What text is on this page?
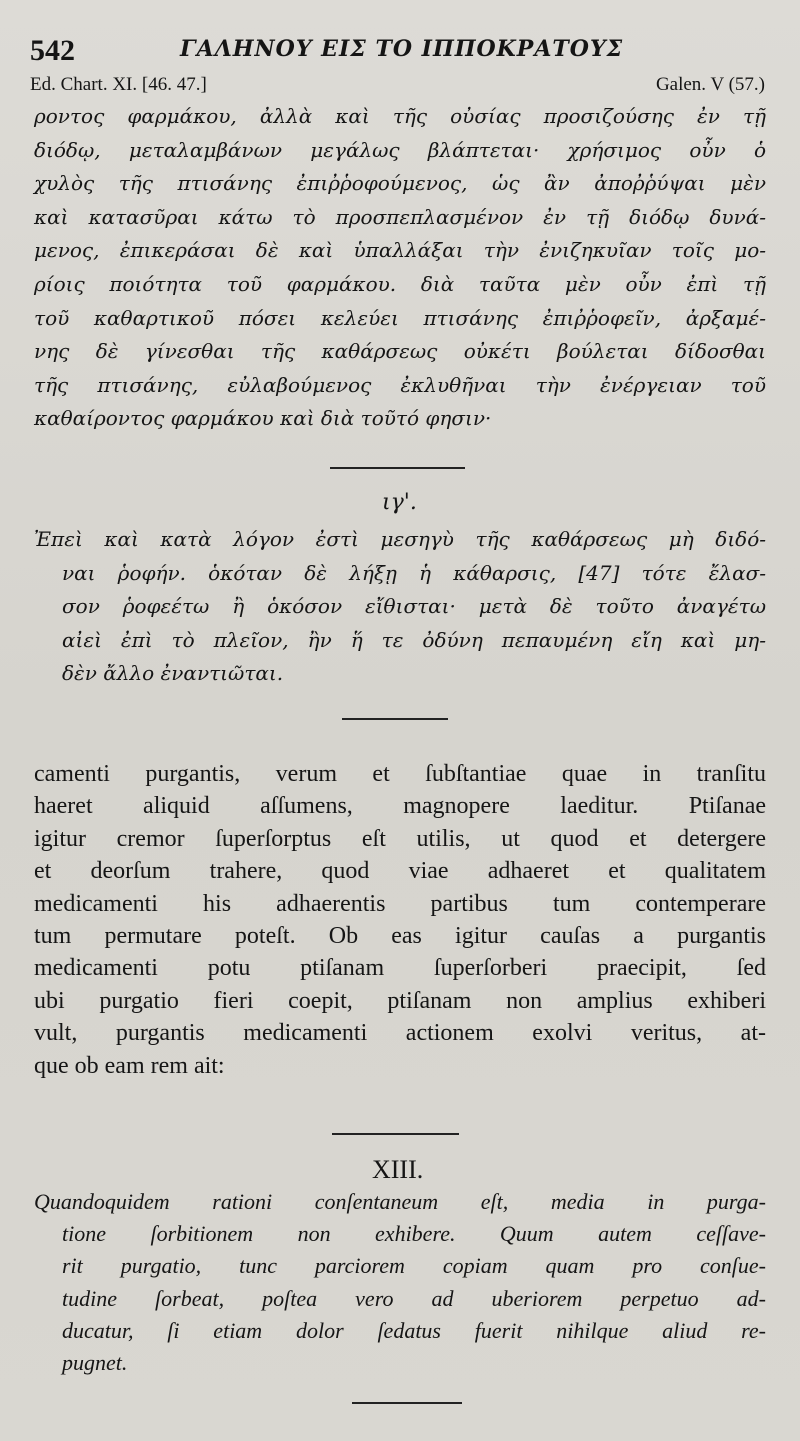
542	ΓΑΛΗΝΟΥ ΕΙΣ ΤΟ ΙΠΠΟΚΡΑΤΟΥΣ
Ed. Chart. XI. [46. 47.]	Galen. V (57.)
ροντος φαρμάκου, ἀλλὰ καὶ τῆς οὐσίας προσιζούσης ἐν τῇ
διόδῳ, μεταλαμβάνων μεγάλως βλάπτεται· χρήσιμος οὖν ὁ
χυλὸς τῆς πτισάνης ἐπιῤῥοφούμενος, ὡς ἂν ἀποῤῥύψαι μὲν
καὶ κατασῦραι κάτω τὸ προσπεπλασμένον ἐν τῇ διόδῳ δυνά-
μενος, ἐπικεράσαι δὲ καὶ ὑπαλλάξαι τὴν ἐνιζηκυῖαν τοῖς μο-
ρίοις ποιότητα τοῦ φαρμάκου. διὰ ταῦτα μὲν οὖν ἐπὶ τῇ
τοῦ καθαρτικοῦ πόσει κελεύει πτισάνης ἐπιῤῥοφεῖν, ἀρξαμέ-
νης δὲ γίνεσθαι τῆς καθάρσεως οὐκέτι βούλεται δίδοσθαι
τῆς πτισάνης, εὐλαβούμενος ἐκλυθῆναι τὴν ἐνέργειαν τοῦ
καθαίροντος φαρμάκου καὶ διὰ τοῦτό φησιν·
ιγ'.
Ἐπεὶ καὶ κατὰ λόγον ἐστὶ μεσηγὺ τῆς καθάρσεως μὴ διδό-
ναι ῥοφήν. ὁκόταν δὲ λήξῃ ἡ κάθαρσις, [47] τότε ἔλασ-
σον ῥοφεέτω ἢ ὁκόσον εἴθισται· μετὰ δὲ τοῦτο ἀναγέτω
αἰεὶ ἐπὶ τὸ πλεῖον, ἢν ἥ τε ὀδύνη πεπαυμένη εἴη καὶ μη-
δὲν ἄλλο ἐναντιῶται.
camenti purgantis, verum et ſubſtantiae quae in tranſitu
haeret aliquid aſſumens, magnopere laeditur. Ptiſanae
igitur cremor ſuperſorptus eſt utilis, ut quod et detergere
et deorſum trahere, quod viae adhaeret et qualitatem
medicamenti his adhaerentis partibus tum contemperare
tum permutare poteſt. Ob eas igitur cauſas a purgantis
medicamenti potu ptiſanam ſuperſorberi praecipit, ſed
ubi purgatio fieri coepit, ptiſanam non amplius exhiberi
vult, purgantis medicamenti actionem exolvi veritus, at-
que ob eam rem ait:
XIII.
Quandoquidem rationi conſentaneum eſt, media in purga-
tione ſorbitionem non exhibere. Quum autem ceſſave-
rit purgatio, tunc parciorem copiam quam pro conſue-
tudine ſorbeat, poſtea vero ad uberiorem perpetuo ad-
ducatur, ſi etiam dolor ſedatus fuerit nihilque aliud re-
pugnet.
